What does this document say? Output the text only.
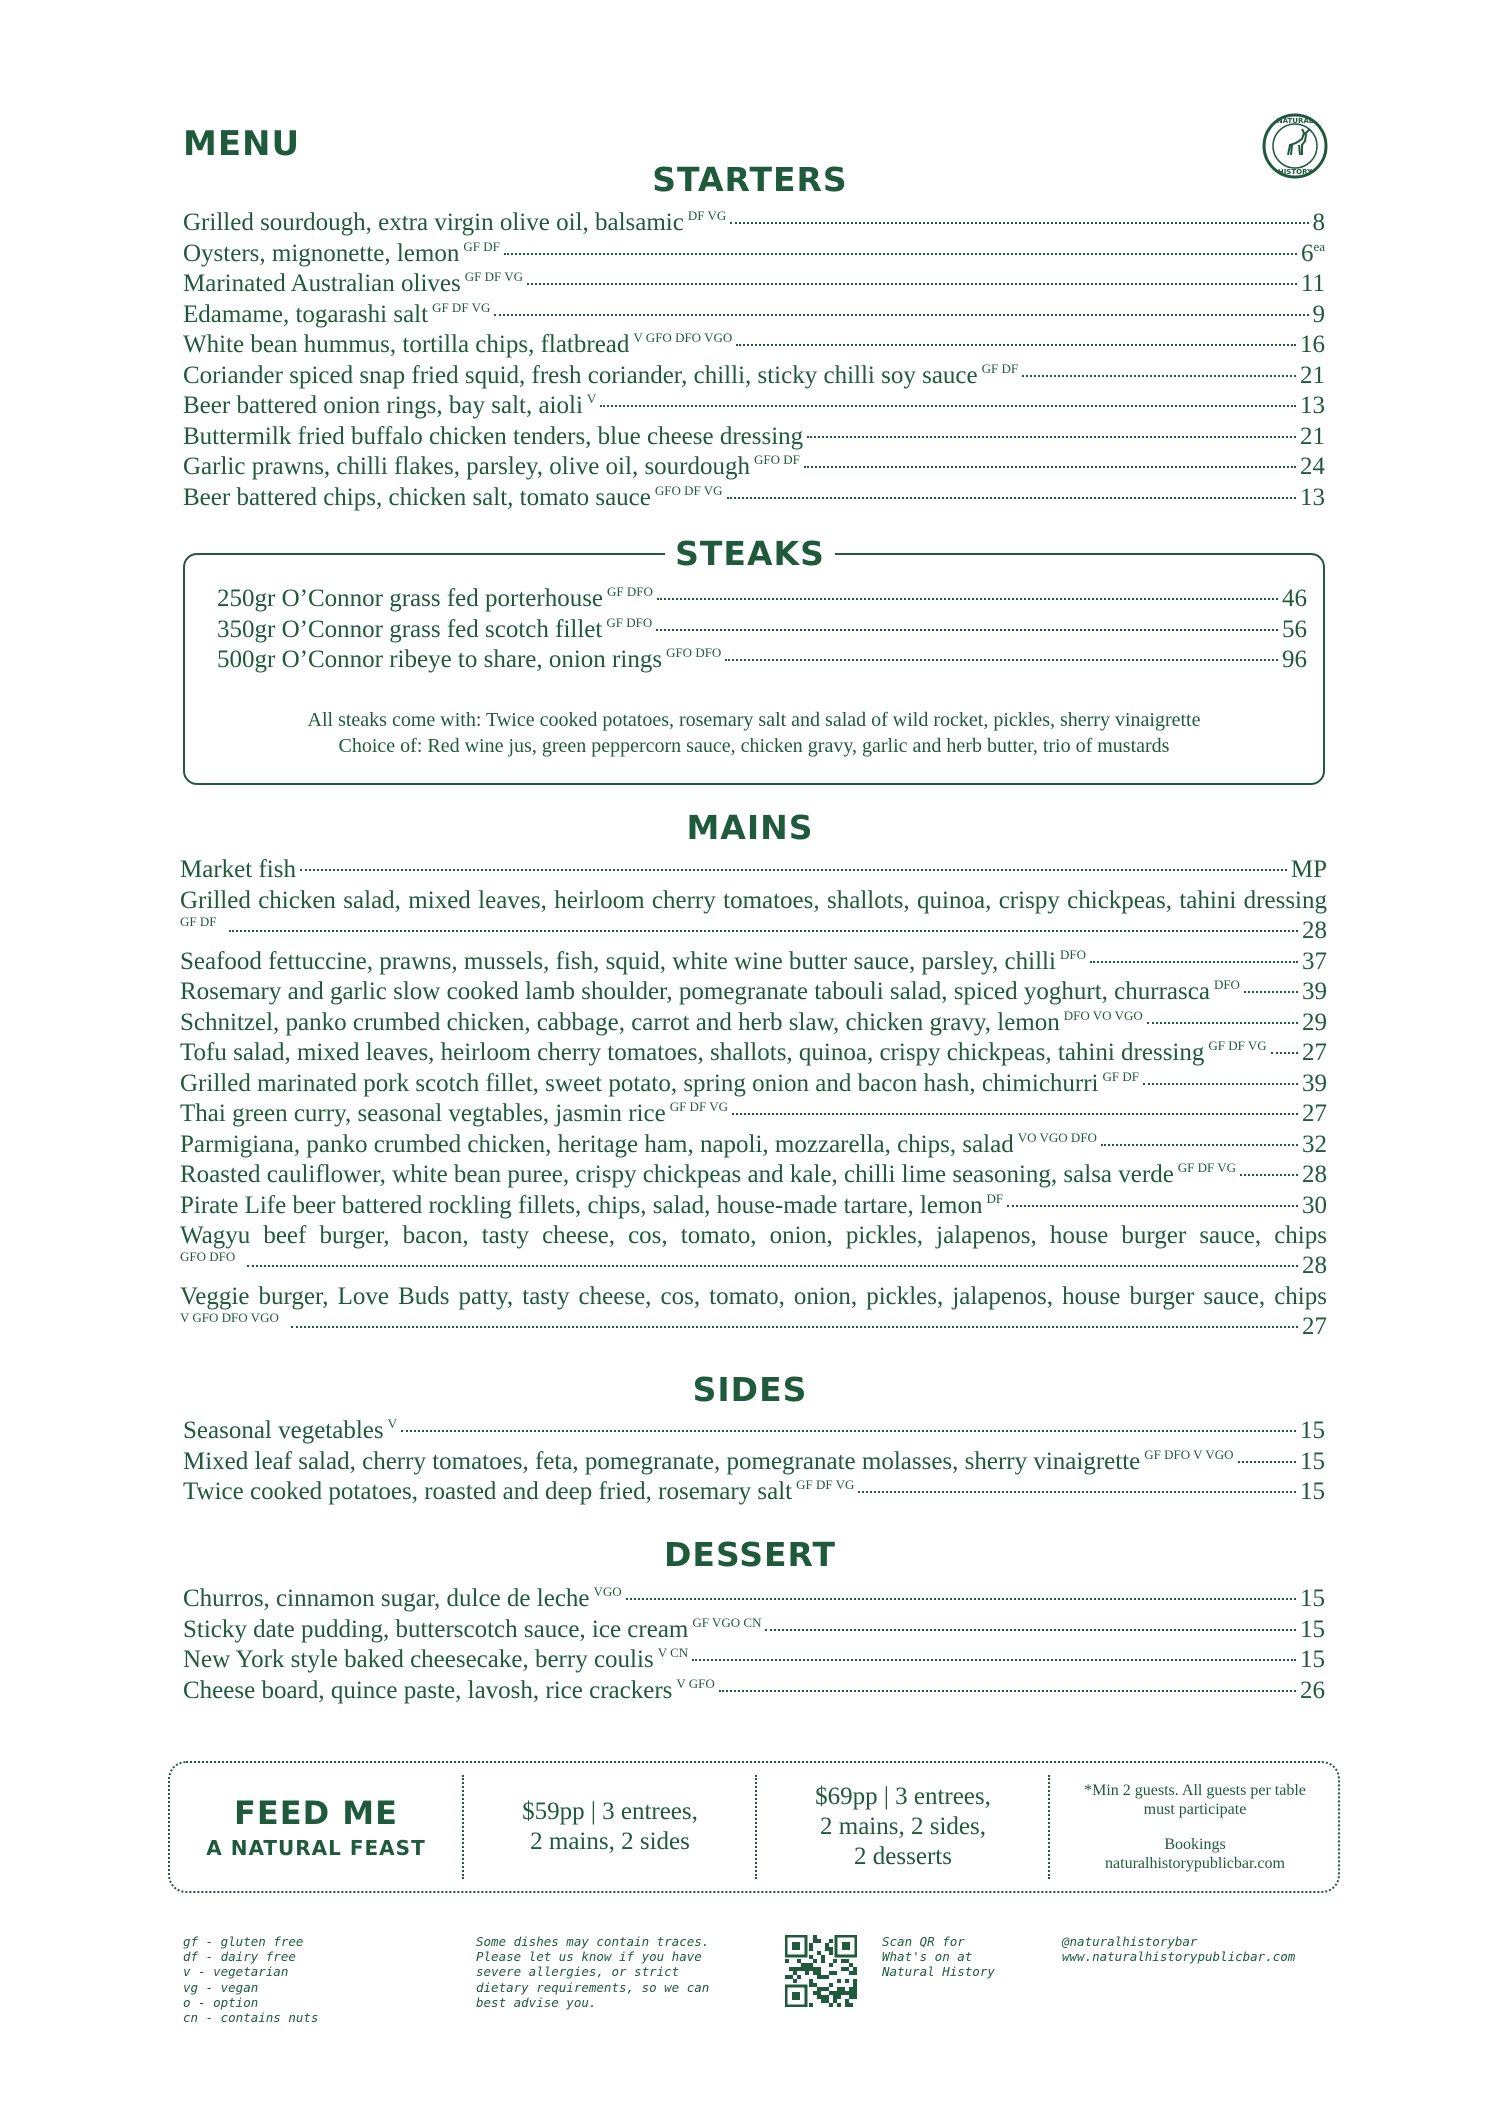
MENU
NATURAL
HISTORY
STARTERS
Grilled sourdough, extra virgin olive oil, balsamic DF VG	8
Oysters, mignonette, lemon GF DF	$6^{ea}$
Marinated Australian olives GF DF VG	11
Edamame, togarashi salt GF DF VG	9
White bean hummus, tortilla chips, flatbread V GFO DFO VGO	16
Coriander spiced snap fried squid, fresh coriander, chilli, sticky chilli soy sauce GF DF	21
Beer battered onion rings, bay salt, aioli V	13
Buttermilk fried buffalo chicken tenders, blue cheese dressing	21
Garlic prawns, chilli flakes, parsley, olive oil, sourdough GFO DF	24
Beer battered chips, chicken salt, tomato sauce GFO DF VG	13
STEAKS
250gr O’Connor grass fed porterhouse GF DFO	46
350gr O’Connor grass fed scotch fillet GF DFO	56
500gr O’Connor ribeye to share, onion rings GFO DFO	96
All steaks come with: Twice cooked potatoes, rosemary salt and salad of wild rocket, pickles, sherry vinaigrette
Choice of: Red wine jus, green peppercorn sauce, chicken gravy, garlic and herb butter, trio of mustards
MAINS
Market fish	MP
Grilled chicken salad, mixed leaves, heirloom cherry tomatoes, shallots, quinoa, crispy chickpeas, tahini dressing
GF DF	28
Seafood fettuccine, prawns, mussels, fish, squid, white wine butter sauce, parsley, chilli DFO	37
Rosemary and garlic slow cooked lamb shoulder, pomegranate tabouli salad, spiced yoghurt, churrasca DFO 39
Schnitzel, panko crumbed chicken, cabbage, carrot and herb slaw, chicken gravy, lemon DFO VO VGO	29
Tofu salad, mixed leaves, heirloom cherry tomatoes, shallots, quinoa, crispy chickpeas, tahini dressing GF DF VG 27
Grilled marinated pork scotch fillet, sweet potato, spring onion and bacon hash, chimichurri GF DF	39
Thai green curry, seasonal vegtables, jasmin rice GF DF VG	27
Parmigiana, panko crumbed chicken, heritage ham, napoli, mozzarella, chips, salad VO VGO DFO	32
Roasted cauliflower, white bean puree, crispy chickpeas and kale, chilli lime seasoning, salsa verde GF DF VG	28
Pirate Life beer battered rockling fillets, chips, salad, house-made tartare, lemon DF	30
Wagyu beef burger, bacon, tasty cheese, cos, tomato, onion, pickles, jalapenos, house burger sauce, chips
GFO DFO	28
Veggie burger, Love Buds patty, tasty cheese, cos, tomato, onion, pickles, jalapenos, house burger sauce, chips
V GFO DFO VGO	27
SIDES
Seasonal vegetables V	15
Mixed leaf salad, cherry tomatoes, feta, pomegranate, pomegranate molasses, sherry vinaigrette GF DFO V VGO	15
Twice cooked potatoes, roasted and deep fried, rosemary salt GF DF VG	15
DESSERT
Churros, cinnamon sugar, dulce de leche VGO	15
Sticky date pudding, butterscotch sauce, ice cream GF VGO CN	15
New York style baked cheesecake, berry coulis V CN	15
Cheese board, quince paste, lavosh, rice crackers V GFO	26
FEED ME
A NATURAL FEAST
$59pp | 3 entrees,
2 mains, 2 sides
$69pp | 3 entrees,
2 mains, 2 sides,
2 desserts
*Min 2 guests. All guests per table
must participate
Bookings
naturalhistorypublicbar.com
gf - gluten free
df - dairy free
v - vegetarian
vg - vegan
o - option
cn - contains nuts
Some dishes may contain traces.
Please let us know if you have
severe allergies, or strict
dietary requirements, so we can
best advise you.
Scan QR for
What's on at
Natural History
@naturalhistorybar
www.naturalhistorypublicbar.com
